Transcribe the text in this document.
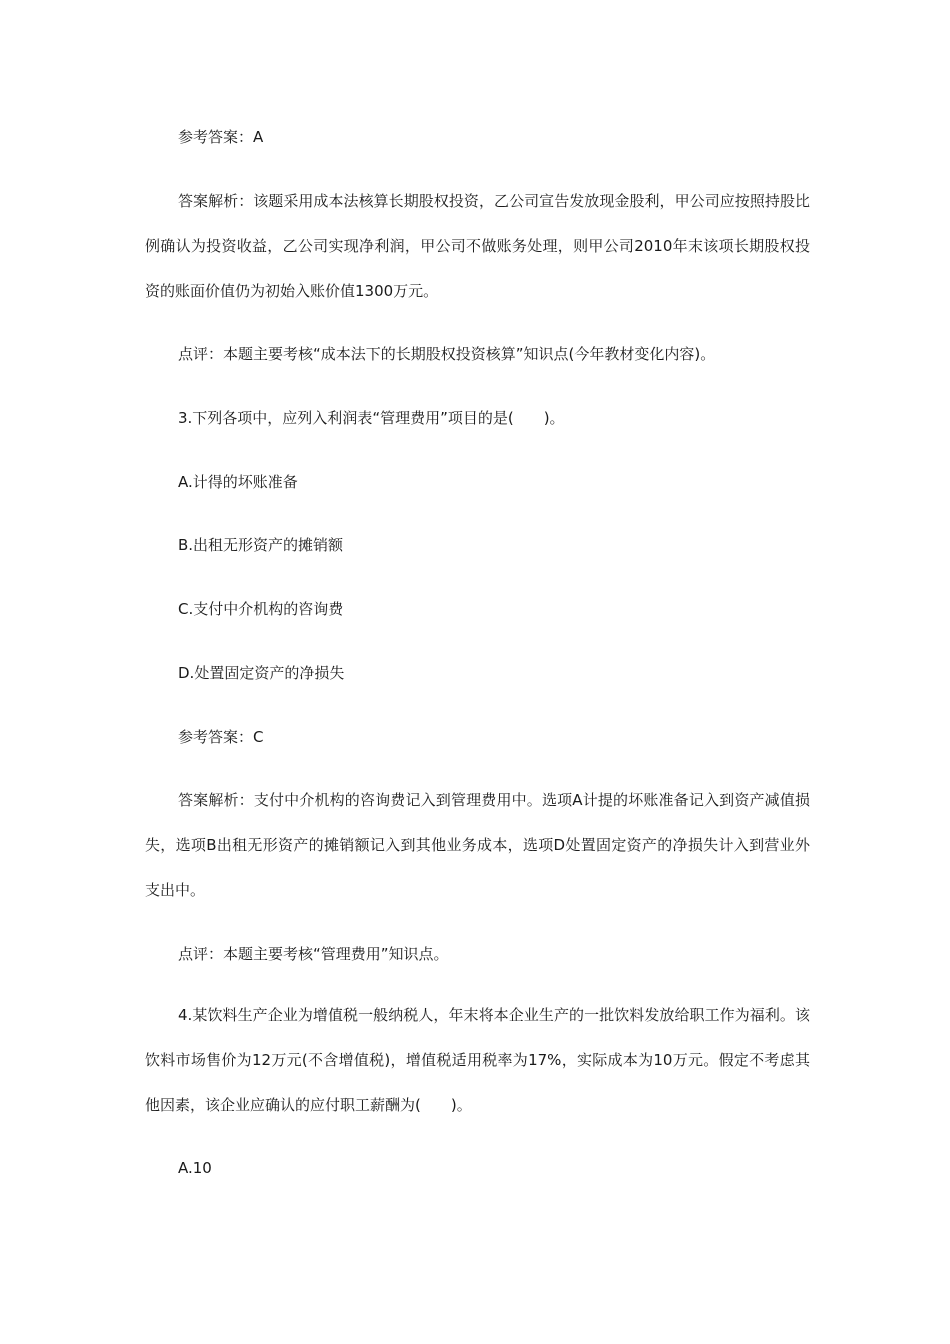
参考答案：A

答案解析：该题采用成本法核算长期股权投资，乙公司宣告发放现金股利，甲公司应按照持股比例确认为投资收益，乙公司实现净利润，甲公司不做账务处理，则甲公司2010年末该项长期股权投资的账面价值仍为初始入账价值1300万元。

点评：本题主要考核“成本法下的长期股权投资核算”知识点(今年教材变化内容)。

3.下列各项中，应列入利润表“管理费用”项目的是(　　)。

A.计得的坏账准备

B.出租无形资产的摊销额

C.支付中介机构的咨询费

D.处置固定资产的净损失

参考答案：C

答案解析：支付中介机构的咨询费记入到管理费用中。选项A计提的坏账准备记入到资产减值损失，选项B出租无形资产的摊销额记入到其他业务成本，选项D处置固定资产的净损失计入到营业外支出中。

点评：本题主要考核“管理费用”知识点。

4.某饮料生产企业为增值税一般纳税人，年末将本企业生产的一批饮料发放给职工作为福利。该饮料市场售价为12万元(不含增值税)，增值税适用税率为17%，实际成本为10万元。假定不考虑其他因素，该企业应确认的应付职工薪酬为(　　)。

A.10
